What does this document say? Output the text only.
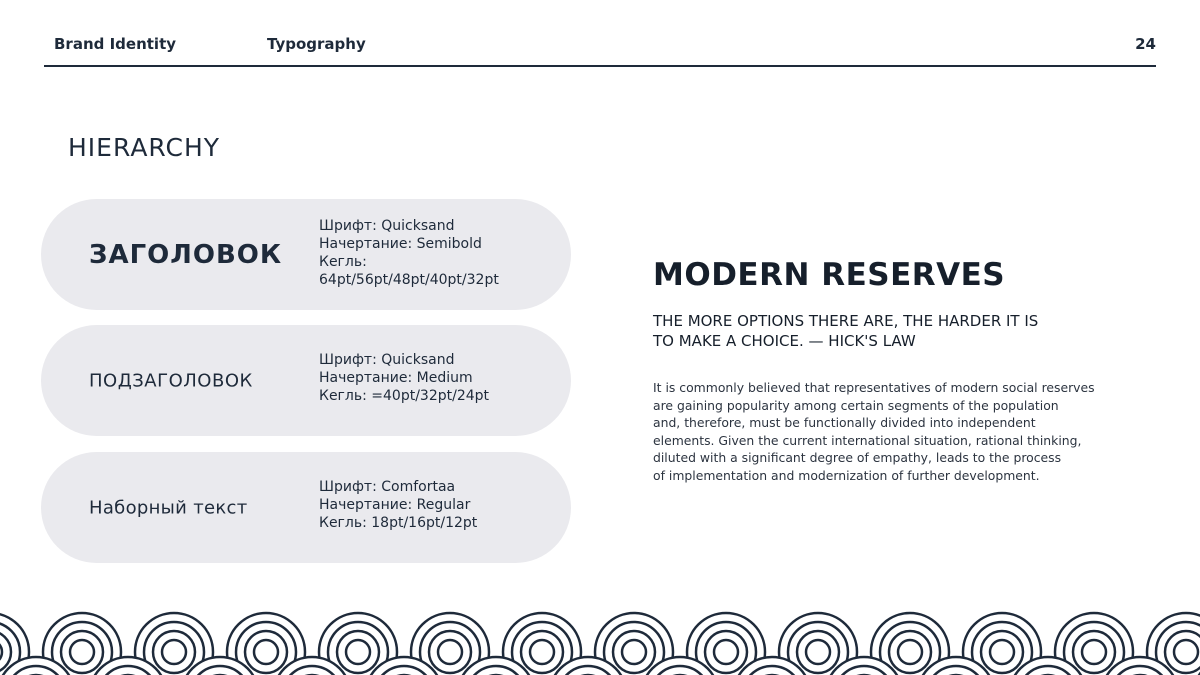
Brand Identity	Typography	24
HIERARCHY
ЗАГОЛОВОК
Шрифт: Quicksand
Начертание: Semibold
Кегль:
64pt/56pt/48pt/40pt/32pt
ПОДЗАГОЛОВОК
Шрифт: Quicksand
Начертание: Medium
Кегль: =40pt/32pt/24pt
Наборный текст
Шрифт: Comfortaa
Начертание: Regular
Кегль: 18pt/16pt/12pt
MODERN RESERVES
THE MORE OPTIONS THERE ARE, THE HARDER IT IS
TO MAKE A CHOICE. — HICK'S LAW
It is commonly believed that representatives of modern social reserves
are gaining popularity among certain segments of the population
and, therefore, must be functionally divided into independent
elements. Given the current international situation, rational thinking,
diluted with a significant degree of empathy, leads to the process
of implementation and modernization of further development.
